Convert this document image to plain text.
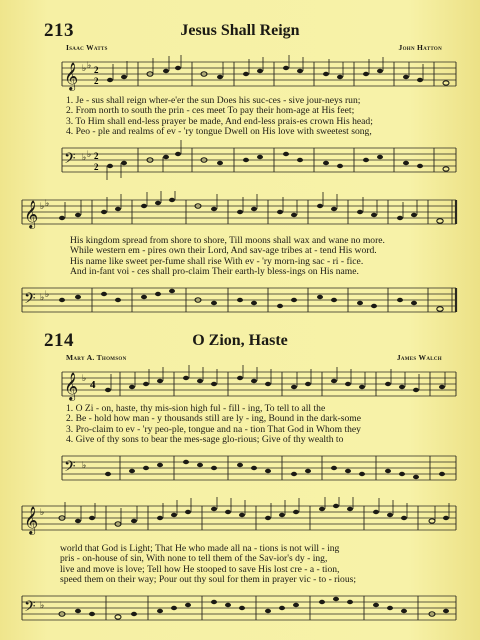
213	Jesus Shall Reign
Isaac Watts	John Hatton
𝄞 ♭ ♭ 2
2
1. Je - sus shall reign wher-e'er the sun Does his suc-ces - sive jour-neys run;
2. From north to south the prin - ces meet To pay their hom-age at His feet;
3. To Him shall end-less prayer be made, And end-less prais-es crown His head;
4. Peo - ple and realms of ev - 'ry tongue Dwell on His love with sweetest song,
𝄢 ♭ ♭ 2
2
𝄞 ♭ ♭
His kingdom spread from shore to shore, Till moons shall wax and wane no more.
While western em - pires own their Lord, And sav-age tribes at - tend His word.
His name like sweet per-fume shall rise With ev - 'ry morn-ing sac - ri - fice.
And in-fant voi - ces shall pro-claim Their earth-ly bless-ings on His name.
𝄢 ♭ ♭
214	O Zion, Haste
Mary A. Thomson	James Walch
𝄞 ♭
4
1. O Zi - on, haste, thy mis-sion high ful - fill - ing, To tell to all the
2. Be - hold how man - y thousands still are ly - ing, Bound in the dark-some
3. Pro-claim to ev - 'ry peo-ple, tongue and na - tion That God in Whom they
4. Give of thy sons to bear the mes-sage glo-rious; Give of thy wealth to
𝄢 ♭
𝄞 ♭
world that God is Light; That He who made all na - tions is not will - ing
pris - on-house of sin, With none to tell them of the Sav-ior's dy - ing,
live and move is love; Tell how He stooped to save His lost cre - a - tion,
speed them on their way; Pour out thy soul for them in prayer vic - to - rious;
𝄢 ♭
